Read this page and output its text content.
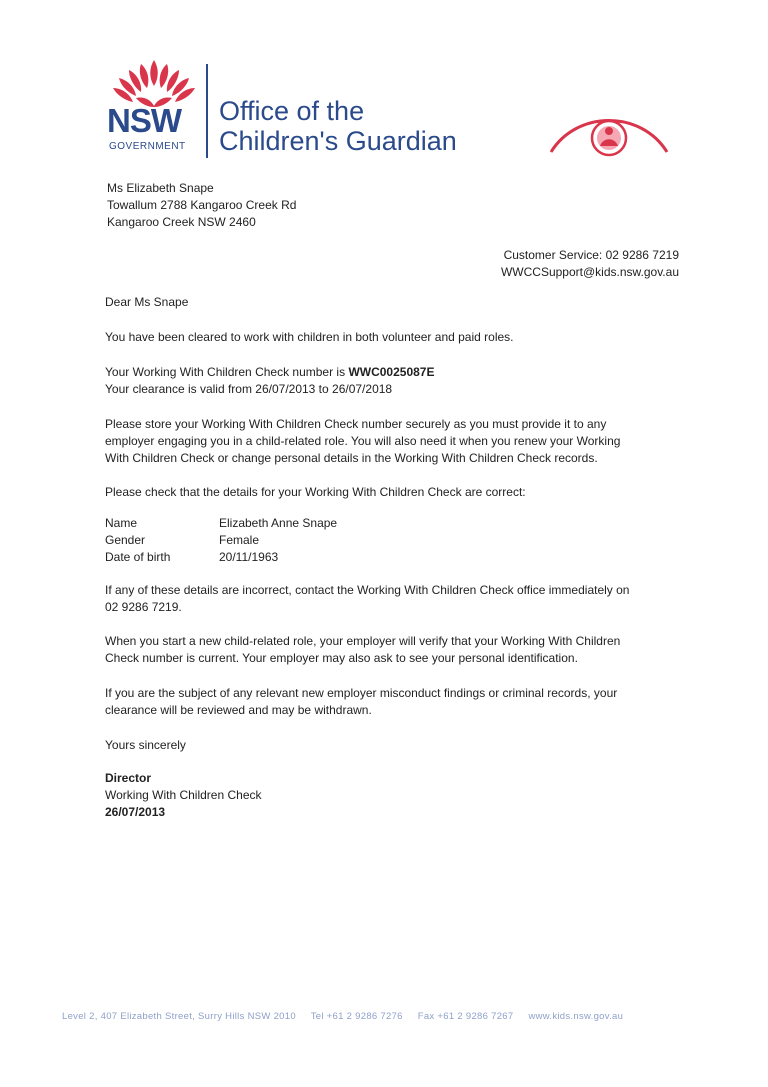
NSW
GOVERNMENT
Office of the
Children's Guardian
Ms Elizabeth Snape
Towallum 2788 Kangaroo Creek Rd
Kangaroo Creek NSW 2460
Customer Service: 02 9286 7219
WWCCSupport@kids.nsw.gov.au
Dear Ms Snape
You have been cleared to work with children in both volunteer and paid roles.
Your Working With Children Check number is WWC0025087E
Your clearance is valid from 26/07/2013 to 26/07/2018
Please store your Working With Children Check number securely as you must provide it to any
employer engaging you in a child-related role. You will also need it when you renew your Working
With Children Check or change personal details in the Working With Children Check records.
Please check that the details for your Working With Children Check are correct:
Name	Elizabeth Anne Snape
Gender	Female
Date of birth	20/11/1963
If any of these details are incorrect, contact the Working With Children Check office immediately on
02 9286 7219.
When you start a new child-related role, your employer will verify that your Working With Children
Check number is current. Your employer may also ask to see your personal identification.
If you are the subject of any relevant new employer misconduct findings or criminal records, your
clearance will be reviewed and may be withdrawn.
Yours sincerely
Director
Working With Children Check
26/07/2013
Level 2, 407 Elizabeth Street, Surry Hills NSW 2010 Tel +61 2 9286 7276 Fax +61 2 9286 7267 www.kids.nsw.gov.au
